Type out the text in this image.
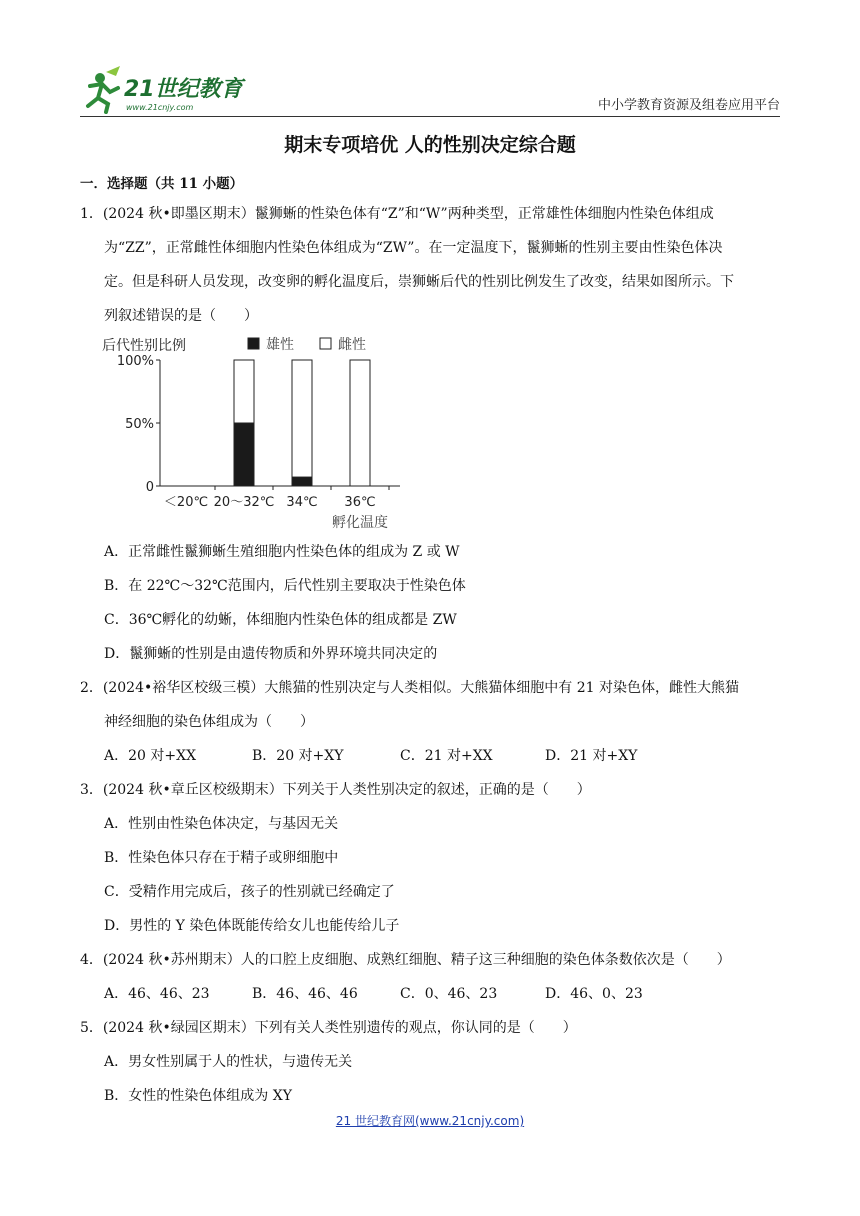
21世纪教育
www.21cnjy.com	中小学教育资源及组卷应用平台
期末专项培优 人的性别决定综合题
一．选择题（共 11 小题）
1．(2024 秋•即墨区期末）鬣狮蜥的性染色体有“Z”和“W”两种类型，正常雄性体细胞内性染色体组成
为“ZZ”，正常雌性体细胞内性染色体组成为“ZW”。在一定温度下，鬣狮蜥的性别主要由性染色体决
定。但是科研人员发现，改变卵的孵化温度后，崇狮蜥后代的性别比例发生了改变，结果如图所示。下
列叙述错误的是（　　）
后代性别比例	雄性	雌性
0
50%
100%
＜20℃ 20～32℃ 34℃ 36℃
孵化温度
A．正常雌性鬣狮蜥生殖细胞内性染色体的组成为 Z 或 W
B．在 22℃～32℃范围内，后代性别主要取决于性染色体
C．36℃孵化的幼蜥，体细胞内性染色体的组成都是 ZW
D．鬣狮蜥的性别是由遗传物质和外界环境共同决定的
2．(2024•裕华区校级三模）大熊猫的性别决定与人类相似。大熊猫体细胞中有 21 对染色体，雌性大熊猫
神经细胞的染色体组成为（　　）
A．20 对+XX	B．20 对+XY	C．21 对+XX	D．21 对+XY
3．(2024 秋•章丘区校级期末）下列关于人类性别决定的叙述，正确的是（　　）
A．性别由性染色体决定，与基因无关
B．性染色体只存在于精子或卵细胞中
C．受精作用完成后，孩子的性别就已经确定了
D．男性的 Y 染色体既能传给女儿也能传给儿子
4．(2024 秋•苏州期末）人的口腔上皮细胞、成熟红细胞、精子这三种细胞的染色体条数依次是（　　）
A．46、46、23	B．46、46、46	C．0、46、23	D．46、0、23
5．(2024 秋•绿园区期末）下列有关人类性别遗传的观点，你认同的是（　　）
A．男女性别属于人的性状，与遗传无关
B．女性的性染色体组成为 XY
21 世纪教育网(www.21cnjy.com)
